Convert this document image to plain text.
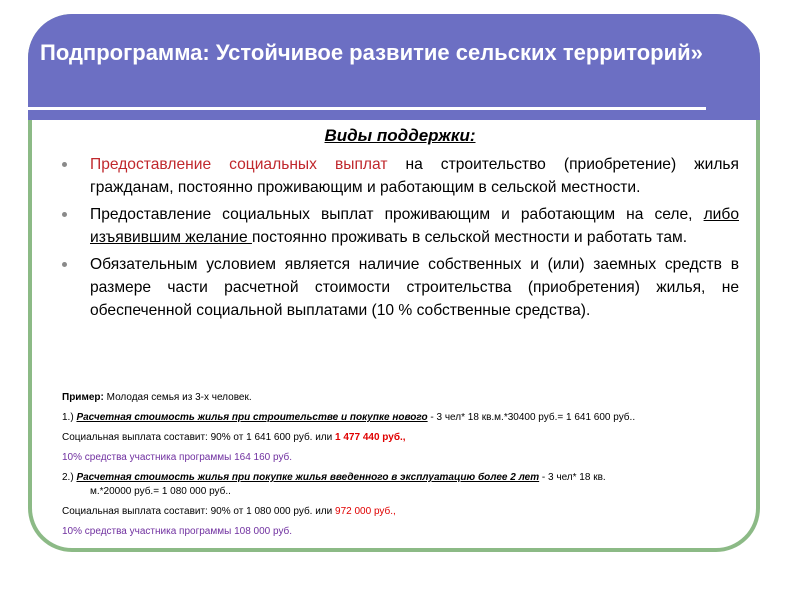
Подпрограмма: Устойчивое развитие сельских территорий»
Виды поддержки:
Предоставление социальных выплат на строительство (приобретение) жилья гражданам, постоянно проживающим и работающим в сельской местности.
Предоставление социальных выплат проживающим и работающим на селе, либо изъявившим желание постоянно проживать в сельской местности и работать там.
Обязательным условием является наличие собственных и (или) заемных средств в размере части расчетной стоимости строительства (приобретения) жилья, не обеспеченной социальной выплатами (10 % собственные средства).
Пример: Молодая семья из 3-х человек.
1.) Расчетная стоимость жилья при строительстве и покупке нового - 3 чел* 18 кв.м.*30400 руб.= 1 641 600 руб..
Социальная выплата составит: 90% от 1 641 600 руб. или 1 477 440 руб.,
10% средства участника программы 164 160 руб.
2.) Расчетная стоимость жилья при покупке жилья введенного в эксплуатацию более 2 лет - 3 чел* 18 кв.
м.*20000 руб.= 1 080 000 руб..
Социальная выплата составит: 90% от 1 080 000 руб. или 972 000 руб.,
10% средства участника программы 108 000 руб.
